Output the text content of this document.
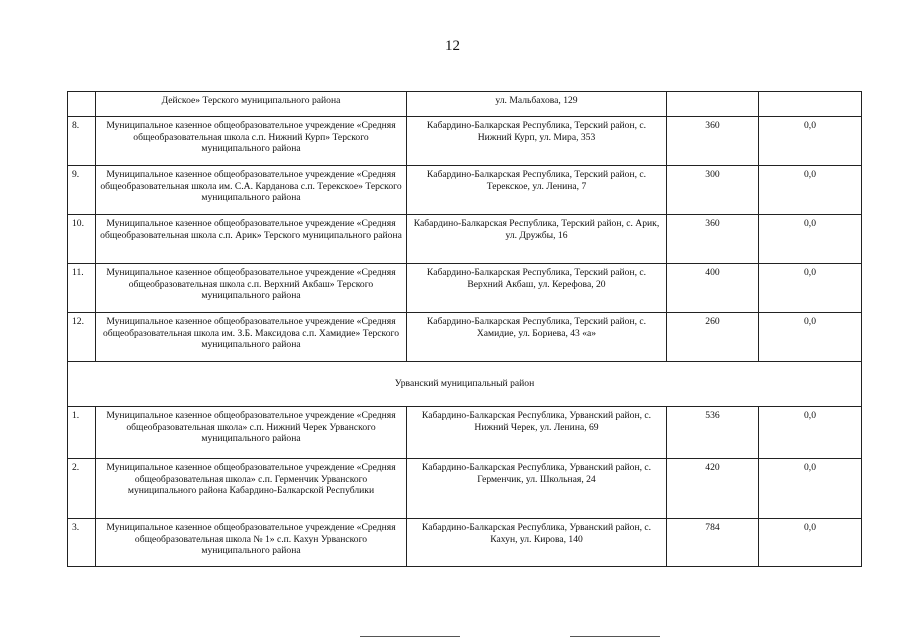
12
	Дейское» Терского муниципального района	ул. Мальбахова, 129		
8.	Муниципальное казенное общеобразовательное учреждение «Средняя общеобразовательная школа с.п. Нижний Курп» Терского муниципального района	Кабардино-Балкарская Республика, Терский район, с. Нижний Курп, ул. Мира, 353	360	0,0
9.	Муниципальное казенное общеобразовательное учреждение «Средняя общеобразовательная школа им. С.А. Карданова с.п. Терекское» Терского муниципального района	Кабардино-Балкарская Республика, Терский район, с. Терекское, ул. Ленина, 7	300	0,0
10.	Муниципальное казенное общеобразовательное учреждение «Средняя общеобразовательная школа с.п. Арик» Терского муниципального района	Кабардино-Балкарская Республика, Терский район, с. Арик, ул. Дружбы, 16	360	0,0
11.	Муниципальное казенное общеобразовательное учреждение «Средняя общеобразовательная школа с.п. Верхний Акбаш» Терского муниципального района	Кабардино-Балкарская Республика, Терский район, с. Верхний Акбаш, ул. Керефова, 20	400	0,0
12.	Муниципальное казенное общеобразовательное учреждение «Средняя общеобразовательная школа им. З.Б. Максидова с.п. Хамидие» Терского муниципального района	Кабардино-Балкарская Республика, Терский район, с. Хамидие, ул. Бориева, 43 «а»	260	0,0
Урванский муниципальный район				
1.	Муниципальное казенное общеобразовательное учреждение «Средняя общеобразовательная школа» с.п. Нижний Черек Урванского муниципального района	Кабардино-Балкарская Республика, Урванский район, с. Нижний Черек, ул. Ленина, 69	536	0,0
2.	Муниципальное казенное общеобразовательное учреждение «Средняя общеобразовательная школа» с.п. Герменчик Урванского муниципального района Кабардино-Балкарской Республики	Кабардино-Балкарская Республика, Урванский район, с. Герменчик, ул. Школьная, 24	420	0,0
3.	Муниципальное казенное общеобразовательное учреждение «Средняя общеобразовательная школа № 1» с.п. Кахун Урванского муниципального района	Кабардино-Балкарская Республика, Урванский район, с. Кахун, ул. Кирова, 140	784	0,0
